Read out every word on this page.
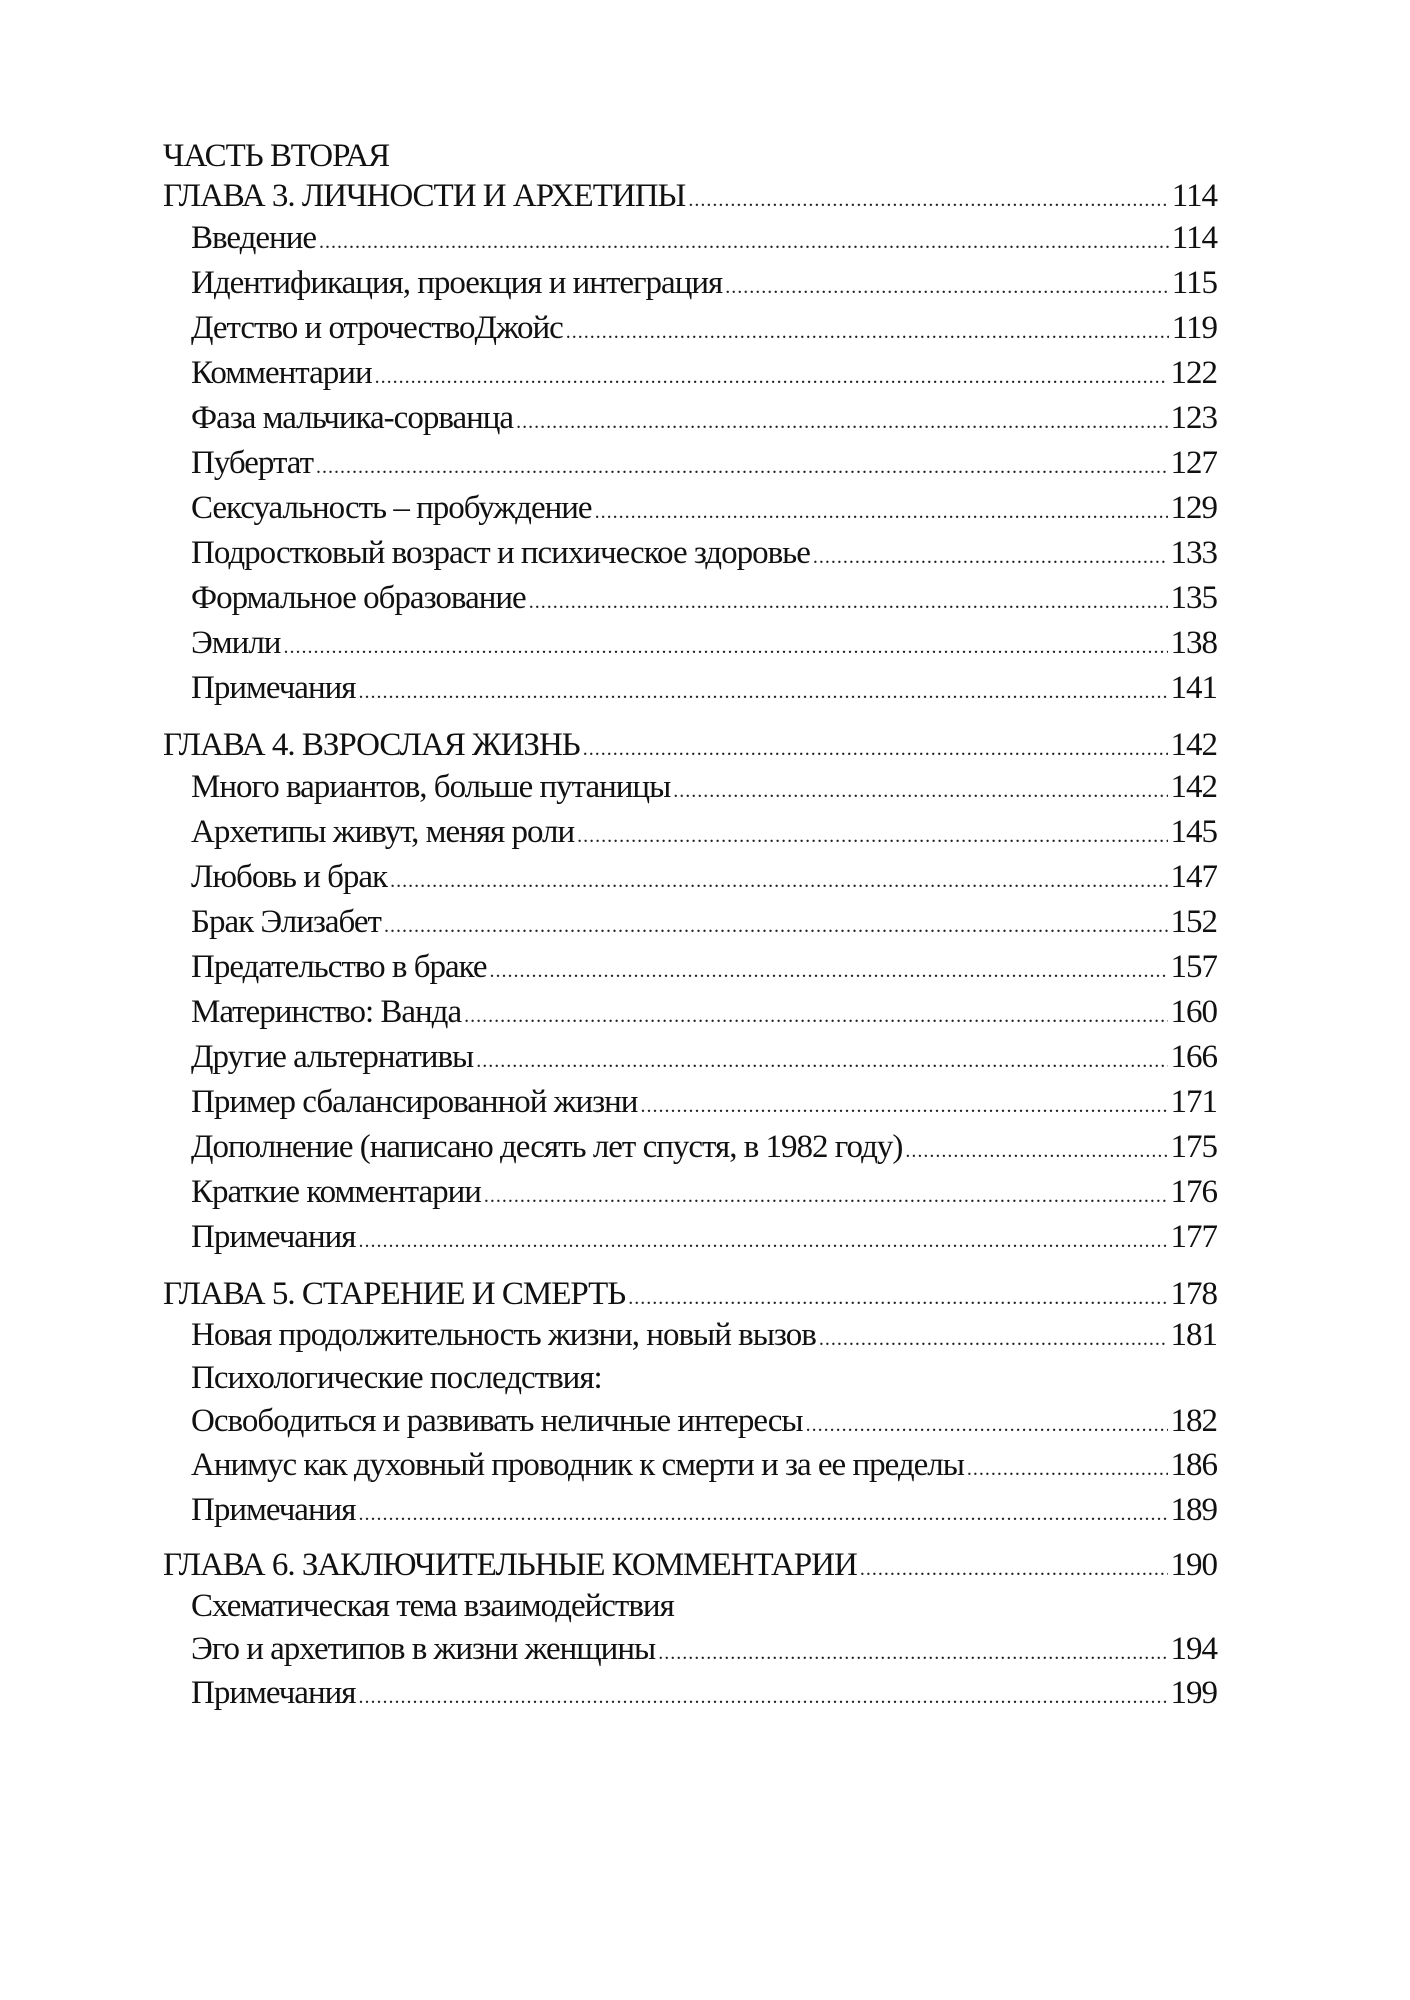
ЧАСТЬ ВТОРАЯ
ГЛАВА 3. ЛИЧНОСТИ И АРХЕТИПЫ .....	114
Введение .....	114
Идентификация, проекция и интеграция .....	115
Детство и отрочествоДжойс .....	119
Комментарии .....	122
Фаза мальчика-сорванца .....	123
Пубертат .....	127
Сексуальность – пробуждение .....	129
Подростковый возраст и психическое здоровье .....	133
Формальное образование .....	135
Эмили .....	138
Примечания .....	141
ГЛАВА 4. ВЗРОСЛАЯ ЖИЗНЬ .....	142
Много вариантов, больше путаницы .....	142
Архетипы живут, меняя роли .....	145
Любовь и брак .....	147
Брак Элизабет .....	152
Предательство в браке .....	157
Материнство: Ванда .....	160
Другие альтернативы .....	166
Пример сбалансированной жизни .....	171
Дополнение (написано десять лет спустя, в 1982 году) .....	175
Краткие комментарии .....	176
Примечания .....	177
ГЛАВА 5. СТАРЕНИЕ И СМЕРТЬ .....	178
Новая продолжительность жизни, новый вызов .....	181
Психологические последствия:
Освободиться и развивать неличные интересы .....	182
Анимус как духовный проводник к смерти и за ее пределы .....	186
Примечания .....	189
ГЛАВА 6. ЗАКЛЮЧИТЕЛЬНЫЕ КОММЕНТАРИИ .....	190
Схематическая тема взаимодействия
Эго и архетипов в жизни женщины .....	194
Примечания .....	199
